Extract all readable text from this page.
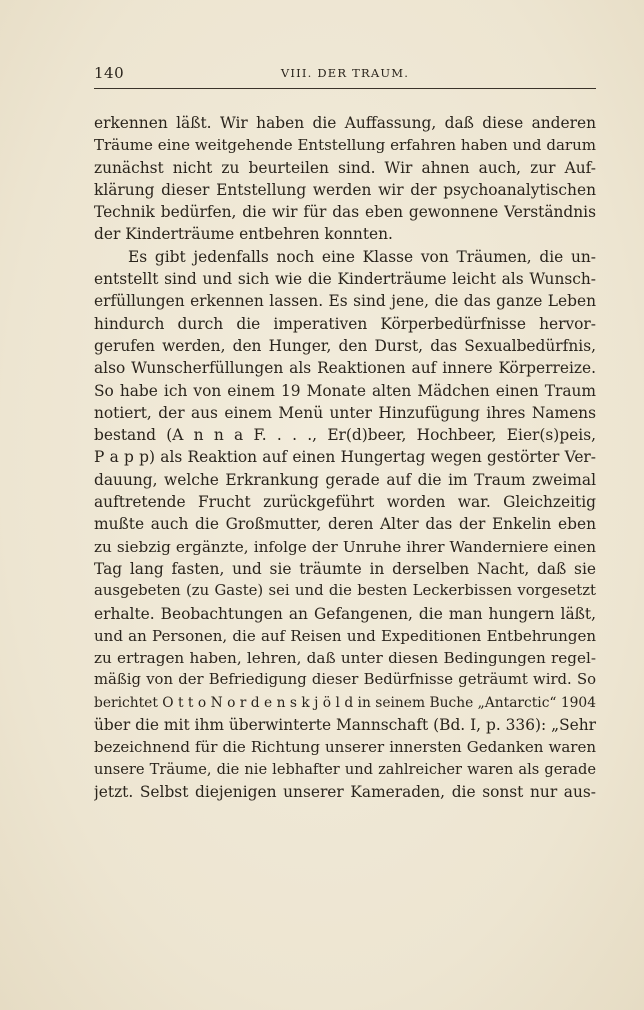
140	VIII. DER TRAUM.
erkennen läßt. Wir haben die Auffassung, daß diese anderen
Träume eine weitgehende Entstellung erfahren haben und darum
zunächst nicht zu beurteilen sind. Wir ahnen auch, zur Auf-
klärung dieser Entstellung werden wir der psychoanalytischen
Technik bedürfen, die wir für das eben gewonnene Verständnis
der Kinderträume entbehren konnten.
Es gibt jedenfalls noch eine Klasse von Träumen, die un-
entstellt sind und sich wie die Kinderträume leicht als Wunsch-
erfüllungen erkennen lassen. Es sind jene, die das ganze Leben
hindurch durch die imperativen Körperbedürfnisse hervor-
gerufen werden, den Hunger, den Durst, das Sexualbedürfnis,
also Wunscherfüllungen als Reaktionen auf innere Körperreize.
So habe ich von einem 19 Monate alten Mädchen einen Traum
notiert, der aus einem Menü unter Hinzufügung ihres Namens
bestand (A n n a F. . . ., Er(d)beer, Hochbeer, Eier(s)peis,
P a p p) als Reaktion auf einen Hungertag wegen gestörter Ver-
dauung, welche Erkrankung gerade auf die im Traum zweimal
auftretende Frucht zurückgeführt worden war. Gleichzeitig
mußte auch die Großmutter, deren Alter das der Enkelin eben
zu siebzig ergänzte, infolge der Unruhe ihrer Wanderniere einen
Tag lang fasten, und sie träumte in derselben Nacht, daß sie
ausgebeten (zu Gaste) sei und die besten Leckerbissen vorgesetzt
erhalte. Beobachtungen an Gefangenen, die man hungern läßt,
und an Personen, die auf Reisen und Expeditionen Entbehrungen
zu ertragen haben, lehren, daß unter diesen Bedingungen regel-
mäßig von der Befriedigung dieser Bedürfnisse geträumt wird. So
berichtet O t t o N o r d e n s k j ö l d in seinem Buche „Antarctic“ 1904
über die mit ihm überwinterte Mannschaft (Bd. I, p. 336): „Sehr
bezeichnend für die Richtung unserer innersten Gedanken waren
unsere Träume, die nie lebhafter und zahlreicher waren als gerade
jetzt. Selbst diejenigen unserer Kameraden, die sonst nur aus-
